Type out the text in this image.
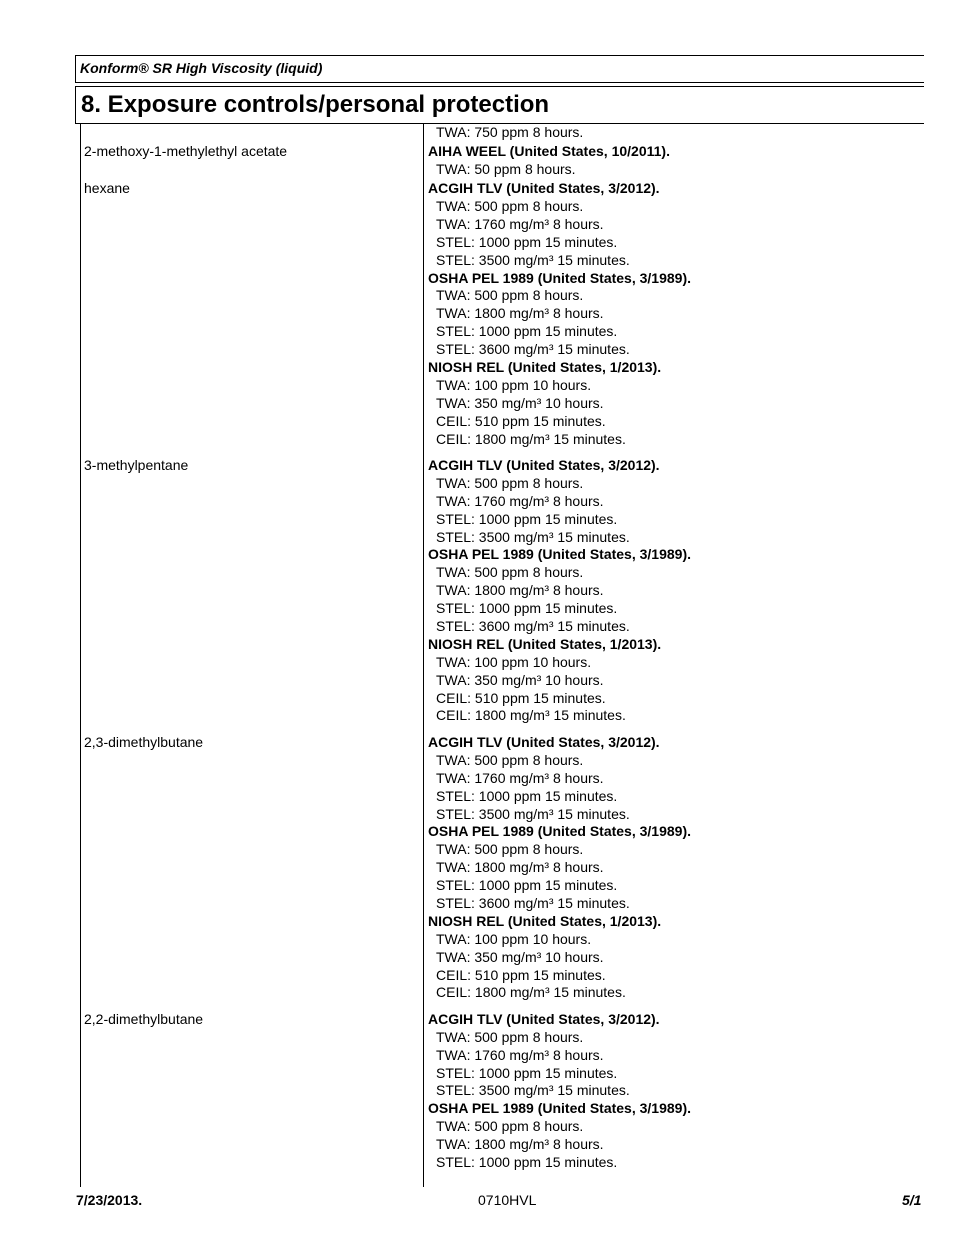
Konform® SR High Viscosity (liquid)
8. Exposure controls/personal protection
TWA: 750 ppm 8 hours.
2-methoxy-1-methylethyl acetate	AIHA WEEL (United States, 10/2011).
TWA: 50 ppm 8 hours.
hexane	ACGIH TLV (United States, 3/2012).
TWA: 500 ppm 8 hours.
TWA: 1760 mg/m³ 8 hours.
STEL: 1000 ppm 15 minutes.
STEL: 3500 mg/m³ 15 minutes.
OSHA PEL 1989 (United States, 3/1989).
TWA: 500 ppm 8 hours.
TWA: 1800 mg/m³ 8 hours.
STEL: 1000 ppm 15 minutes.
STEL: 3600 mg/m³ 15 minutes.
NIOSH REL (United States, 1/2013).
TWA: 100 ppm 10 hours.
TWA: 350 mg/m³ 10 hours.
CEIL: 510 ppm 15 minutes.
CEIL: 1800 mg/m³ 15 minutes.
3-methylpentane	ACGIH TLV (United States, 3/2012).
TWA: 500 ppm 8 hours.
TWA: 1760 mg/m³ 8 hours.
STEL: 1000 ppm 15 minutes.
STEL: 3500 mg/m³ 15 minutes.
OSHA PEL 1989 (United States, 3/1989).
TWA: 500 ppm 8 hours.
TWA: 1800 mg/m³ 8 hours.
STEL: 1000 ppm 15 minutes.
STEL: 3600 mg/m³ 15 minutes.
NIOSH REL (United States, 1/2013).
TWA: 100 ppm 10 hours.
TWA: 350 mg/m³ 10 hours.
CEIL: 510 ppm 15 minutes.
CEIL: 1800 mg/m³ 15 minutes.
2,3-dimethylbutane	ACGIH TLV (United States, 3/2012).
TWA: 500 ppm 8 hours.
TWA: 1760 mg/m³ 8 hours.
STEL: 1000 ppm 15 minutes.
STEL: 3500 mg/m³ 15 minutes.
OSHA PEL 1989 (United States, 3/1989).
TWA: 500 ppm 8 hours.
TWA: 1800 mg/m³ 8 hours.
STEL: 1000 ppm 15 minutes.
STEL: 3600 mg/m³ 15 minutes.
NIOSH REL (United States, 1/2013).
TWA: 100 ppm 10 hours.
TWA: 350 mg/m³ 10 hours.
CEIL: 510 ppm 15 minutes.
CEIL: 1800 mg/m³ 15 minutes.
2,2-dimethylbutane	ACGIH TLV (United States, 3/2012).
TWA: 500 ppm 8 hours.
TWA: 1760 mg/m³ 8 hours.
STEL: 1000 ppm 15 minutes.
STEL: 3500 mg/m³ 15 minutes.
OSHA PEL 1989 (United States, 3/1989).
TWA: 500 ppm 8 hours.
TWA: 1800 mg/m³ 8 hours.
STEL: 1000 ppm 15 minutes.
7/23/2013.	0710HVL	5/1
